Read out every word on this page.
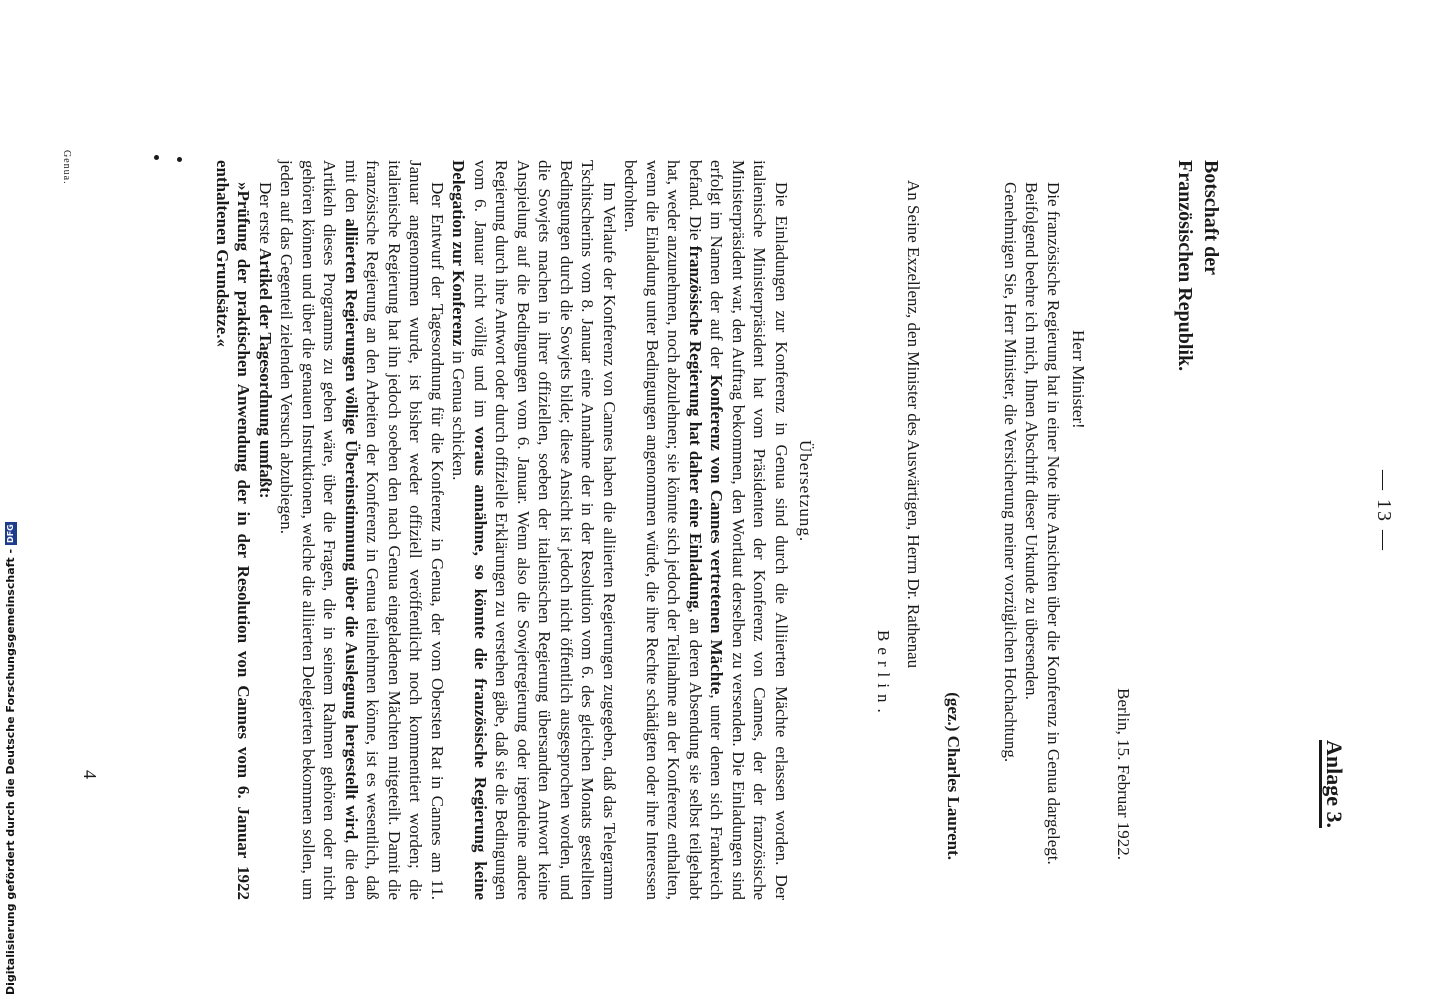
— 13 —
Anlage 3.
Botschaft der
Französischen Republik.
Berlin, 15. Februar 1922.
Herr Minister!

Die französische Regierung hat in einer Note ihre Ansichten über die Konferenz in Genua dargelegt.

Beifolgend beehre ich mich, Ihnen Abschrift dieser Urkunde zu übersenden.

Genehmigen Sie, Herr Minister, die Versicherung meiner vorzüglichen Hochachtung.

(gez.) Charles Laurent.
An Seine Exzellenz, den Minister des Auswärtigen, Herrn Dr. Rathenau
Berlin.
Übersetzung.

Die Einladungen zur Konferenz in Genua sind durch die Alliierten Mächte erlassen worden. Der italienische Ministerpräsident hat vom Präsidenten der Konferenz von Cannes, der der französische Ministerpräsident war, den Auftrag bekommen, den Wortlaut derselben zu versenden. Die Einladungen sind erfolgt im Namen der auf der Konferenz von Cannes vertretenen Mächte, unter denen sich Frankreich befand. Die französische Regierung hat daher eine Einladung, an deren Absendung sie selbst teilgehabt hat, weder anzunehmen, noch abzulehnen; sie könnte sich jedoch der Teilnahme an der Konferenz enthalten, wenn die Einladung unter Bedingungen angenommen würde, die ihre Rechte schädigten oder ihre Interessen bedrohten.

Im Verlaufe der Konferenz von Cannes haben die alliierten Regierungen zugegeben, daß das Telegramm Tschitscherins vom 8. Januar eine Annahme der in der Resolution vom 6. des gleichen Monats gestellten Bedingungen durch die Sowjets bilde; diese Ansicht ist jedoch nicht öffentlich ausgesprochen worden, und die Sowjets machen in ihrer offiziellen, soeben der italienischen Regierung übersandten Antwort keine Anspielung auf die Bedingungen vom 6. Januar. Wenn also die Sowjetregierung oder irgendeine andere Regierung durch ihre Antwort oder durch offizielle Erklärungen zu verstehen gäbe, daß sie die Bedingungen vom 6. Januar nicht völlig und im voraus annähme, so könnte die französische Regierung keine Delegation zur Konferenz in Genua schicken.

Der Entwurf der Tagesordnung für die Konferenz in Genua, der vom Obersten Rat in Cannes am 11. Januar angenommen wurde, ist bisher weder offiziell veröffentlicht noch kommentiert worden; die italienische Regierung hat ihn jedoch soeben den nach Genua eingeladenen Mächten mitgeteilt. Damit die französische Regierung an den Arbeiten der Konferenz in Genua teilnehmen könne, ist es wesentlich, daß mit den alliierten Regierungen völlige Übereinstimmung über die Auslegung hergestellt wird, die den Artikeln dieses Programms zu geben wäre, über die Fragen, die in seinem Rahmen gehören oder nicht gehören können und über die genauen Instruktionen, welche die alliierten Delegierten bekommen sollen, um jeden auf das Gegenteil zielenden Versuch abzubiegen.

Der erste Artikel der Tagesordnung umfaßt:

»Prüfung der praktischen Anwendung der in der Resolution von Cannes vom 6. Januar 1922 enthaltenen Grundsätze.«

Genua.
4
Digitalisierung gefördert durch die Deutsche Forschungsgemeinschaft -
DFG
